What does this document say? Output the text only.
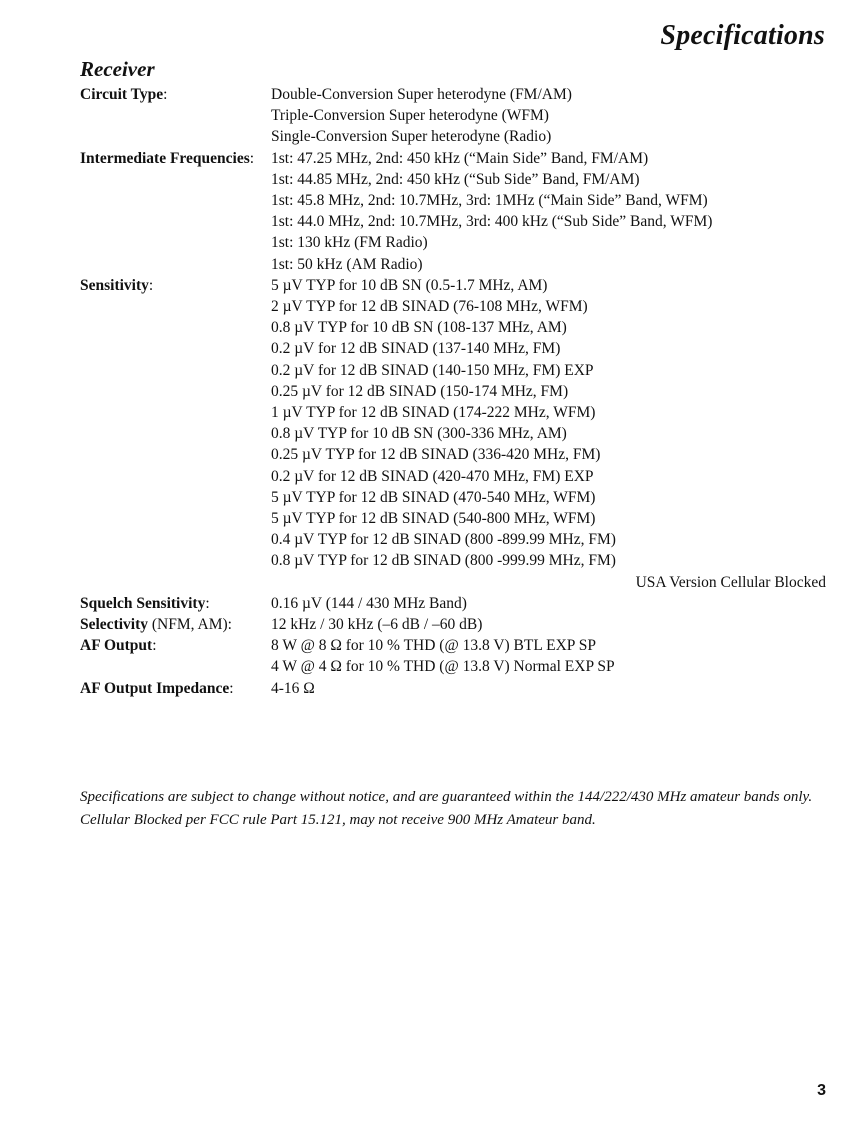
Specifications
Receiver
Circuit Type:	Double-Conversion Super heterodyne (FM/AM)
Triple-Conversion Super heterodyne (WFM)
Single-Conversion Super heterodyne (Radio)
Intermediate Frequencies:	1st: 47.25 MHz, 2nd: 450 kHz (“Main Side” Band, FM/AM)
1st: 44.85 MHz, 2nd: 450 kHz (“Sub Side” Band, FM/AM)
1st: 45.8 MHz, 2nd: 10.7MHz, 3rd: 1MHz (“Main Side” Band, WFM)
1st: 44.0 MHz, 2nd: 10.7MHz, 3rd: 400 kHz (“Sub Side” Band, WFM)
1st: 130 kHz (FM Radio)
1st: 50 kHz (AM Radio)
Sensitivity:	5 µV TYP for 10 dB SN (0.5-1.7 MHz, AM)
2 µV TYP for 12 dB SINAD (76-108 MHz, WFM)
0.8 µV TYP for 10 dB SN (108-137 MHz, AM)
0.2 µV for 12 dB SINAD (137-140 MHz, FM)
0.2 µV for 12 dB SINAD (140-150 MHz, FM) EXP
0.25 µV for 12 dB SINAD (150-174 MHz, FM)
1 µV TYP for 12 dB SINAD (174-222 MHz, WFM)
0.8 µV TYP for 10 dB SN (300-336 MHz, AM)
0.25 µV TYP for 12 dB SINAD (336-420 MHz, FM)
0.2 µV for 12 dB SINAD (420-470 MHz, FM) EXP
5 µV TYP for 12 dB SINAD (470-540 MHz, WFM)
5 µV TYP for 12 dB SINAD (540-800 MHz, WFM)
0.4 µV TYP for 12 dB SINAD (800 -899.99 MHz, FM)
0.8 µV TYP for 12 dB SINAD (800 -999.99 MHz, FM)
USA Version Cellular Blocked
Squelch Sensitivity:	0.16 µV (144 / 430 MHz Band)
Selectivity (NFM, AM):	12 kHz / 30 kHz (–6 dB / –60 dB)
AF Output:	8 W @ 8 Ω for 10 % THD (@ 13.8 V) BTL EXP SP
4 W @ 4 Ω for 10 % THD (@ 13.8 V) Normal EXP SP
AF Output Impedance:	4-16 Ω

Specifications are subject to change without notice, and are guaranteed within the 144/222/430 MHz amateur bands only.

Cellular Blocked per FCC rule Part 15.121, may not receive 900 MHz Amateur band.

3
